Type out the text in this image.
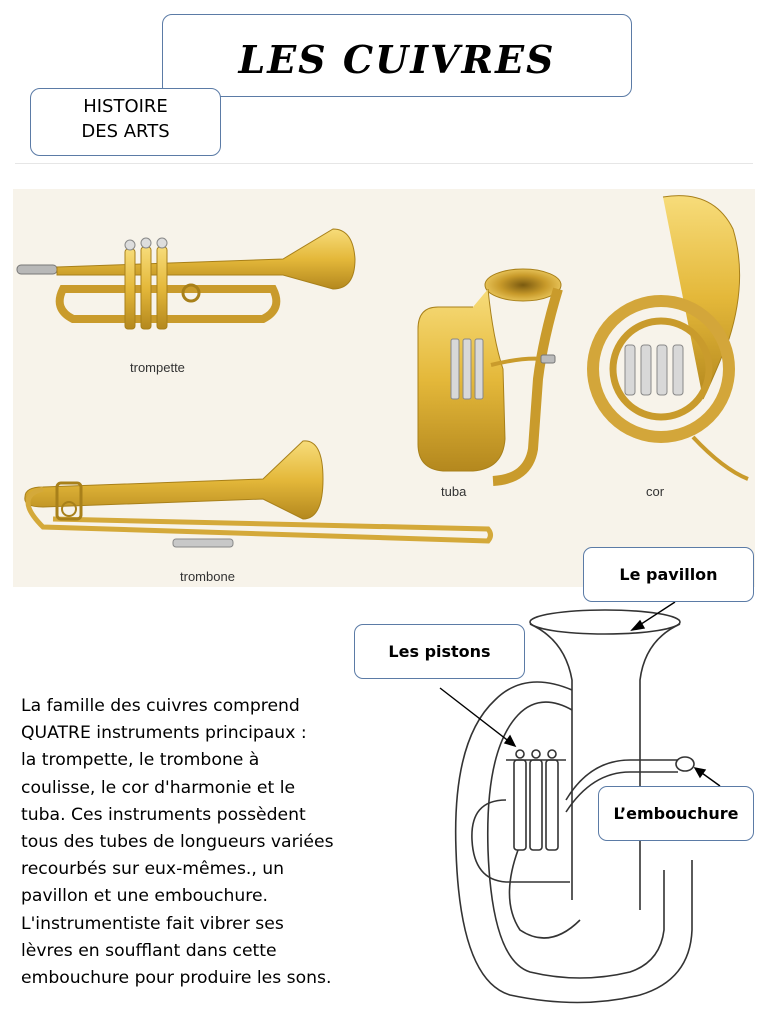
LES CUIVRES
HISTOIRE
DES ARTS
trompette
trombone
tuba	cor
La famille des cuivres comprend
QUATRE instruments principaux :
la trompette, le trombone à
coulisse, le cor d'harmonie et le
tuba. Ces instruments possèdent
tous des tubes de longueurs variées
recourbés sur eux-mêmes., un
pavillon et une embouchure.
L'instrumentiste fait vibrer ses
lèvres en soufflant dans cette
embouchure pour produire les sons.
Le pavillon
Les pistons
L’embouchure
